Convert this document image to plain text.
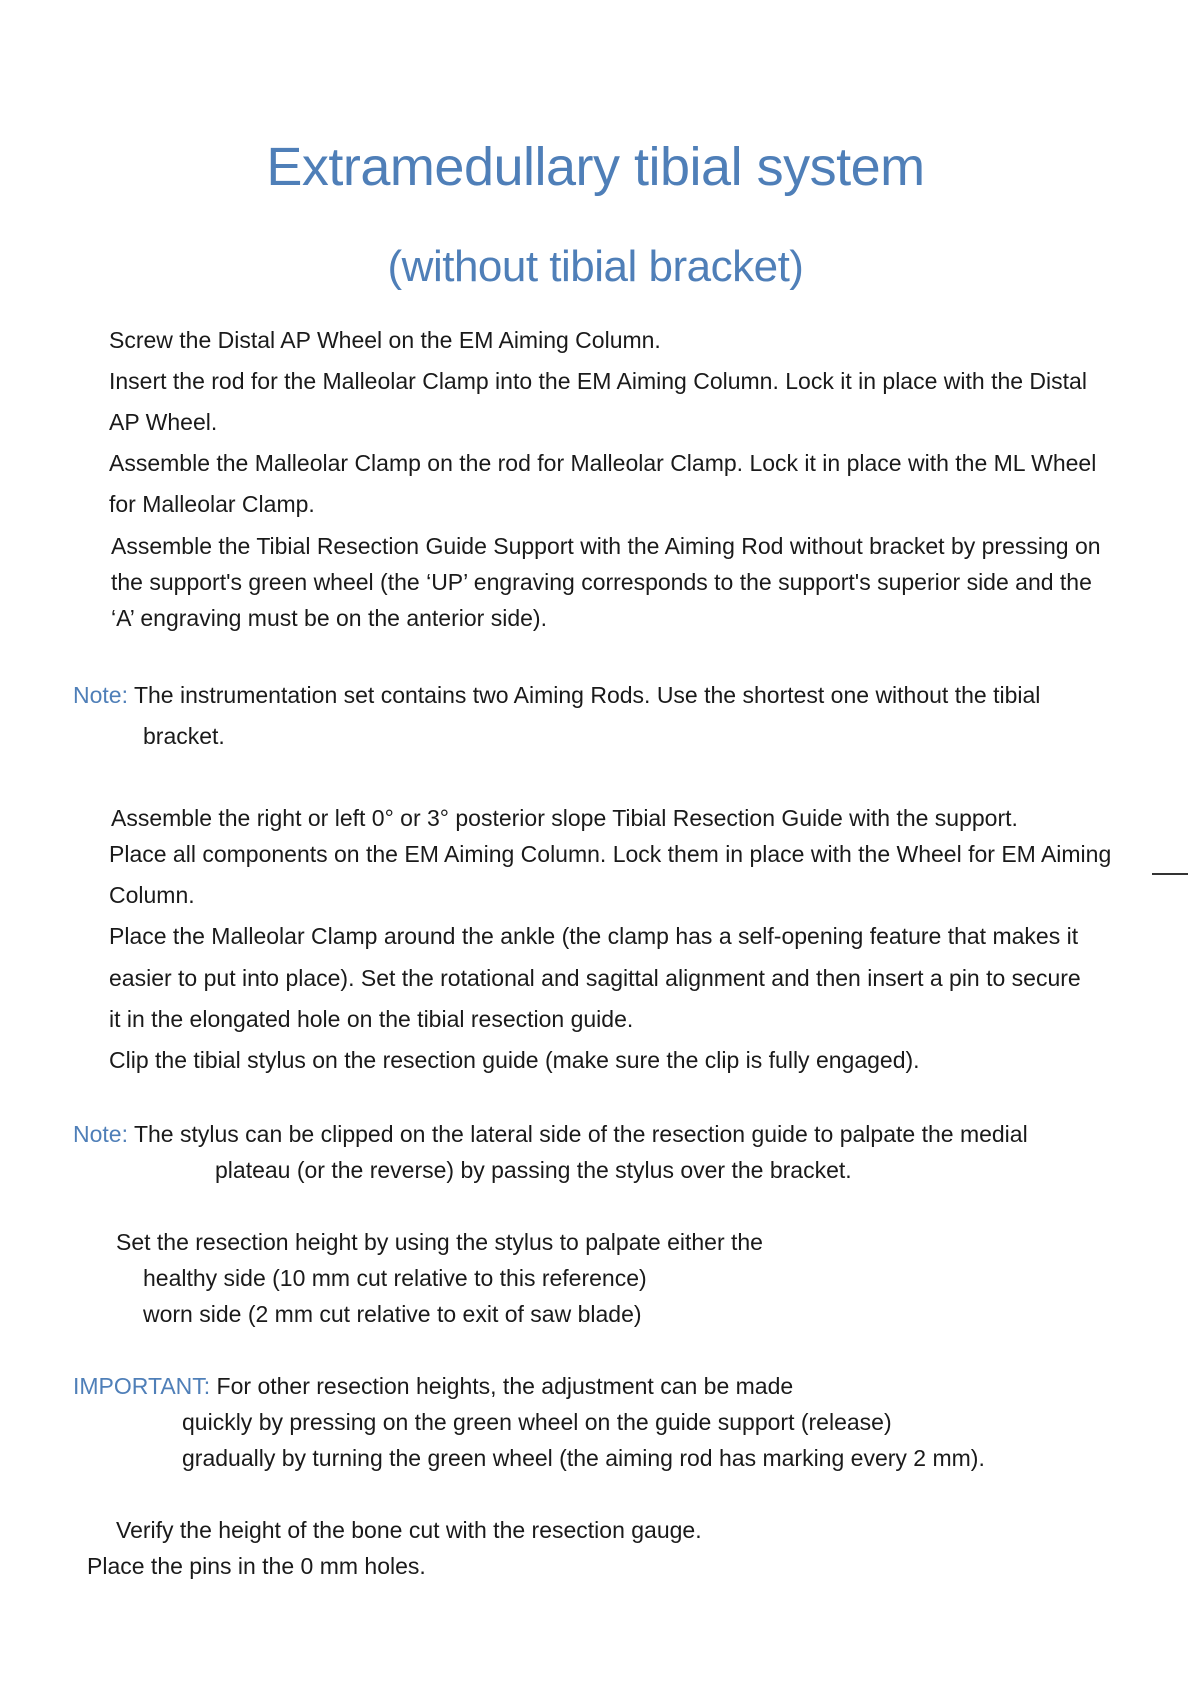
Extramedullary tibial system
(without tibial bracket)
Screw the Distal AP Wheel on the EM Aiming Column.
Insert the rod for the Malleolar Clamp into the EM Aiming Column. Lock it in place with the Distal
AP Wheel.
Assemble the Malleolar Clamp on the rod for Malleolar Clamp. Lock it in place with the ML Wheel
for Malleolar Clamp.
Assemble the Tibial Resection Guide Support with the Aiming Rod without bracket by pressing on
the support's green wheel (the ‘UP’ engraving corresponds to the support's superior side and the
‘A’ engraving must be on the anterior side).
Note: The instrumentation set contains two Aiming Rods. Use the shortest one without the tibial
bracket.
Assemble the right or left 0° or 3° posterior slope Tibial Resection Guide with the support.
Place all components on the EM Aiming Column. Lock them in place with the Wheel for EM Aiming
Column.
Place the Malleolar Clamp around the ankle (the clamp has a self-opening feature that makes it
easier to put into place). Set the rotational and sagittal alignment and then insert a pin to secure
it in the elongated hole on the tibial resection guide.
Clip the tibial stylus on the resection guide (make sure the clip is fully engaged).
Note: The stylus can be clipped on the lateral side of the resection guide to palpate the medial
plateau (or the reverse) by passing the stylus over the bracket.
Set the resection height by using the stylus to palpate either the
healthy side (10 mm cut relative to this reference)
worn side (2 mm cut relative to exit of saw blade)
IMPORTANT: For other resection heights, the adjustment can be made
quickly by pressing on the green wheel on the guide support (release)
gradually by turning the green wheel (the aiming rod has marking every 2 mm).
Verify the height of the bone cut with the resection gauge.
Place the pins in the 0 mm holes.
